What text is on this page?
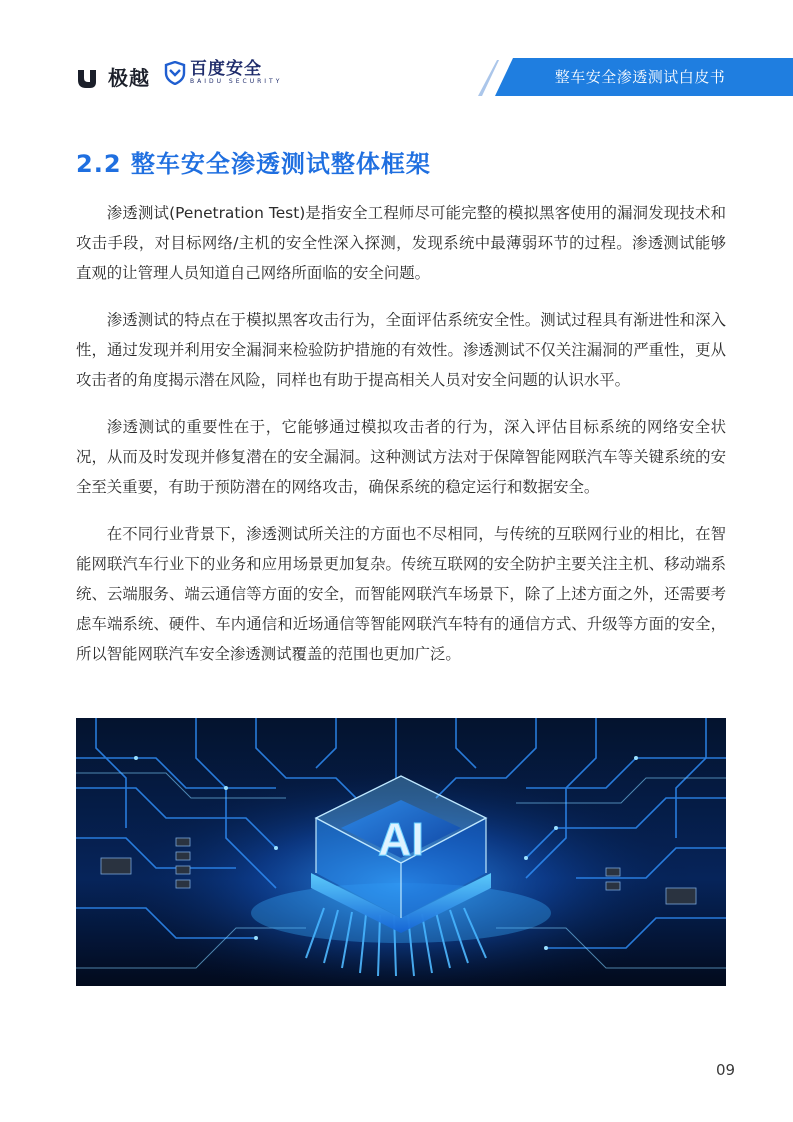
极越 百度安全
BAIDU SECURITY	整车安全渗透测试白皮书
2.2 整车安全渗透测试整体框架

渗透测试(Penetration Test)是指安全工程师尽可能完整的模拟黑客使用的漏洞发现技术和攻击手段，对目标网络/主机的安全性深入探测，发现系统中最薄弱环节的过程。渗透测试能够直观的让管理人员知道自己网络所面临的安全问题。

渗透测试的特点在于模拟黑客攻击行为，全面评估系统安全性。测试过程具有渐进性和深入性，通过发现并利用安全漏洞来检验防护措施的有效性。渗透测试不仅关注漏洞的严重性，更从攻击者的角度揭示潜在风险，同样也有助于提高相关人员对安全问题的认识水平。

渗透测试的重要性在于，它能够通过模拟攻击者的行为，深入评估目标系统的网络安全状况，从而及时发现并修复潜在的安全漏洞。这种测试方法对于保障智能网联汽车等关键系统的安全至关重要，有助于预防潜在的网络攻击，确保系统的稳定运行和数据安全。

在不同行业背景下，渗透测试所关注的方面也不尽相同，与传统的互联网行业的相比，在智能网联汽车行业下的业务和应用场景更加复杂。传统互联网的安全防护主要关注主机、移动端系统、云端服务、端云通信等方面的安全，而智能网联汽车场景下，除了上述方面之外，还需要考虑车端系统、硬件、车内通信和近场通信等智能网联汽车特有的通信方式、升级等方面的安全，所以智能网联汽车安全渗透测试覆盖的范围也更加广泛。

AI
09
